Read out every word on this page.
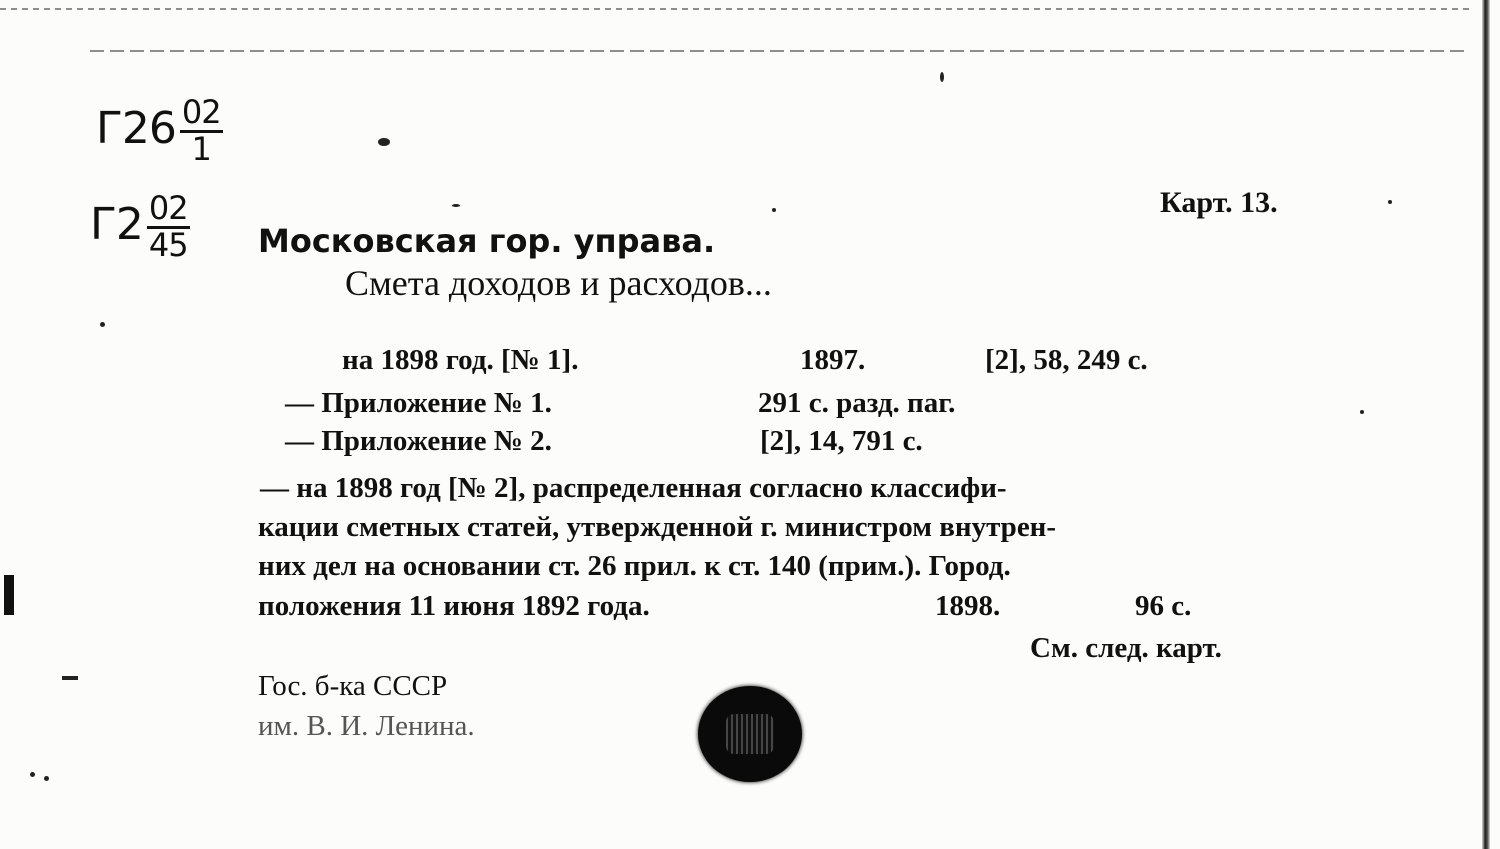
$Г26 \frac{02}{1}$
$Г2 \frac{02}{45}$	Карт. 13.
Московская гор. управа.
Смета доходов и расходов...
на 1898 год. [№ 1].	1897.	[2], 58, 249 с.
— Приложение № 1.	291 с. разд. паг.
— Приложение № 2.	[2], 14, 791 с.
— на 1898 год [№ 2], распределенная согласно классифи-
кации сметных статей, утвержденной г. министром внутрен-
них дел на основании ст. 26 прил. к ст. 140 (прим.). Город.
положения 11 июня 1892 года.	1898.	96 с.
См. след. карт.
Гос. б-ка СССР
им. В. И. Ленина.
